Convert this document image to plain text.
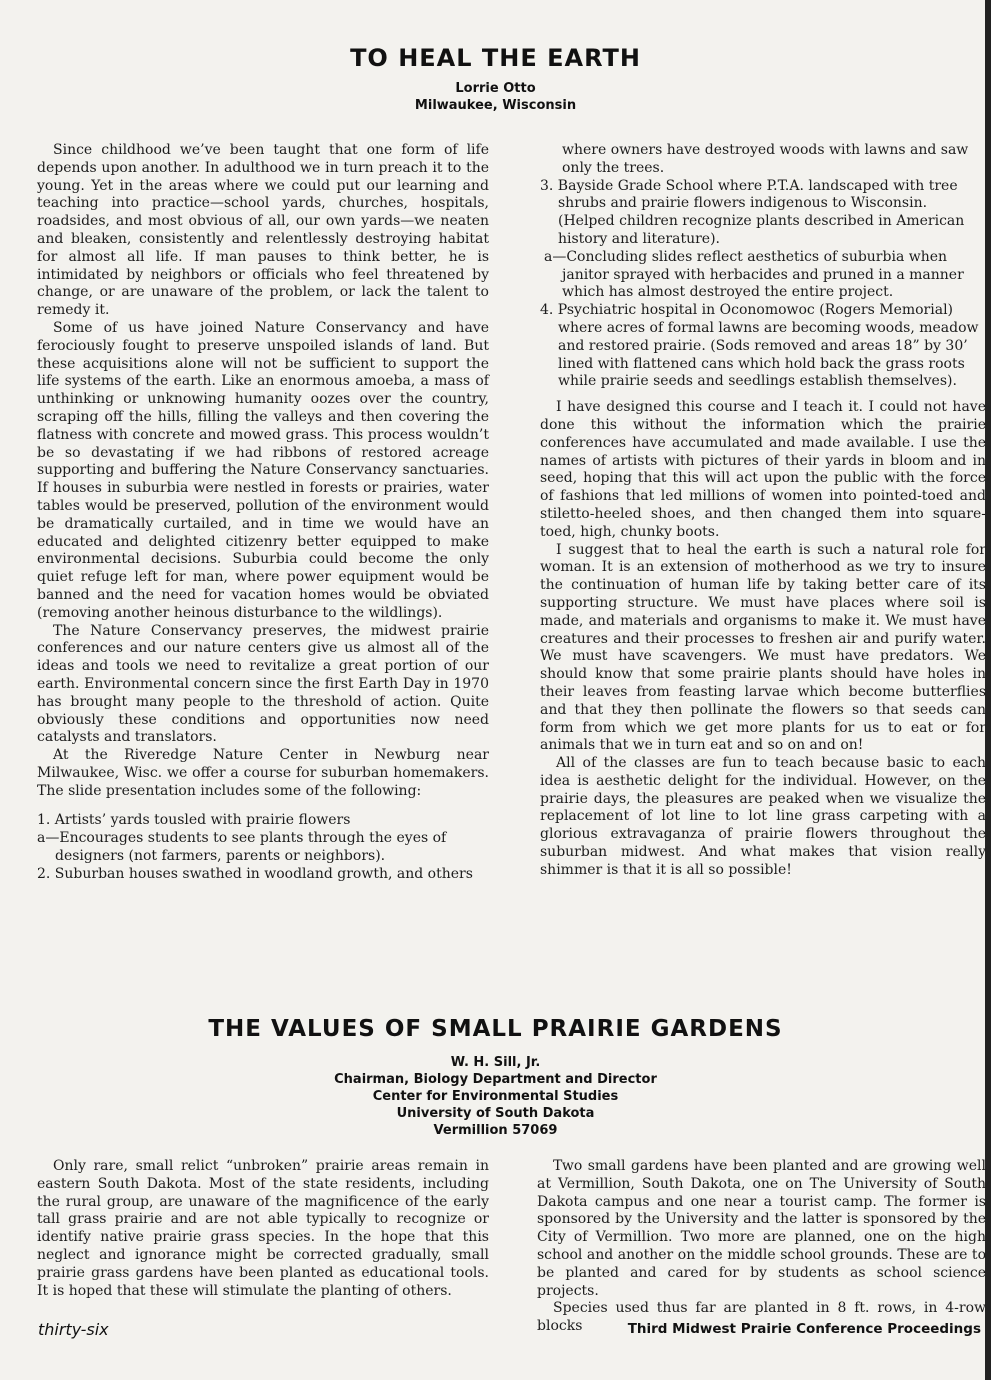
TO HEAL THE EARTH
Lorrie Otto
Milwaukee, Wisconsin

Since childhood we’ve been taught that one form of life depends upon another. In adulthood we in turn preach it to the young. Yet in the areas where we could put our learning and teaching into practice—school yards, churches, hospitals, roadsides, and most obvious of all, our own yards—we neaten and bleaken, consistently and relentlessly destroying habitat for almost all life. If man pauses to think better, he is intimidated by neighbors or officials who feel threatened by change, or are unaware of the problem, or lack the talent to remedy it.

Some of us have joined Nature Conservancy and have ferociously fought to preserve unspoiled islands of land. But these acquisitions alone will not be sufficient to support the life systems of the earth. Like an enormous amoeba, a mass of unthinking or unknowing humanity oozes over the country, scraping off the hills, filling the valleys and then covering the flatness with concrete and mowed grass. This process wouldn’t be so devastating if we had ribbons of restored acreage supporting and buffering the Nature Conservancy sanctuaries. If houses in suburbia were nestled in forests or prairies, water tables would be preserved, pollution of the environment would be dramatically curtailed, and in time we would have an educated and delighted citizenry better equipped to make environmental decisions. Suburbia could become the only quiet refuge left for man, where power equipment would be banned and the need for vacation homes would be obviated (removing another heinous disturbance to the wildlings).

The Nature Conservancy preserves, the midwest prairie conferences and our nature centers give us almost all of the ideas and tools we need to revitalize a great portion of our earth. Environmental concern since the first Earth Day in 1970 has brought many people to the threshold of action. Quite obviously these conditions and opportunities now need catalysts and translators.

At the Riveredge Nature Center in Newburg near Milwaukee, Wisc. we offer a course for suburban homemakers. The slide presentation includes some of the following:

1. Artists’ yards tousled with prairie flowers
a—Encourages students to see plants through the eyes of designers (not farmers, parents or neighbors).
2. Suburban houses swathed in woodland growth, and others
where owners have destroyed woods with lawns and saw only the trees.
3. Bayside Grade School where P.T.A. landscaped with tree shrubs and prairie flowers indigenous to Wisconsin. (Helped children recognize plants described in American history and literature).
a—Concluding slides reflect aesthetics of suburbia when janitor sprayed with herbacides and pruned in a manner which has almost destroyed the entire project.
4. Psychiatric hospital in Oconomowoc (Rogers Memorial) where acres of formal lawns are becoming woods, meadow and restored prairie. (Sods removed and areas 18” by 30’ lined with flattened cans which hold back the grass roots while prairie seeds and seedlings establish themselves).

I have designed this course and I teach it. I could not have done this without the information which the prairie conferences have accumulated and made available. I use the names of artists with pictures of their yards in bloom and in seed, hoping that this will act upon the public with the force of fashions that led millions of women into pointed-toed and stiletto-heeled shoes, and then changed them into square-toed, high, chunky boots.

I suggest that to heal the earth is such a natural role for woman. It is an extension of motherhood as we try to insure the continuation of human life by taking better care of its supporting structure. We must have places where soil is made, and materials and organisms to make it. We must have creatures and their processes to freshen air and purify water. We must have scavengers. We must have predators. We should know that some prairie plants should have holes in their leaves from feasting larvae which become butterflies and that they then pollinate the flowers so that seeds can form from which we get more plants for us to eat or for animals that we in turn eat and so on and on!

All of the classes are fun to teach because basic to each idea is aesthetic delight for the individual. However, on the prairie days, the pleasures are peaked when we visualize the replacement of lot line to lot line grass carpeting with a glorious extravaganza of prairie flowers throughout the suburban midwest. And what makes that vision really shimmer is that it is all so possible!

THE VALUES OF SMALL PRAIRIE GARDENS
W. H. Sill, Jr.
Chairman, Biology Department and Director
Center for Environmental Studies
University of South Dakota
Vermillion 57069

Only rare, small relict “unbroken” prairie areas remain in eastern South Dakota. Most of the state residents, including the rural group, are unaware of the magnificence of the early tall grass prairie and are not able typically to recognize or identify native prairie grass species. In the hope that this neglect and ignorance might be corrected gradually, small prairie grass gardens have been planted as educational tools. It is hoped that these will stimulate the planting of others.

Two small gardens have been planted and are growing well at Vermillion, South Dakota, one on The University of South Dakota campus and one near a tourist camp. The former is sponsored by the University and the latter is sponsored by the City of Vermillion. Two more are planned, one on the high school and another on the middle school grounds. These are to be planted and cared for by students as school science projects.

Species used thus far are planted in 8 ft. rows, in 4-row blocks

thirty-six	Third Midwest Prairie Conference Proceedings
